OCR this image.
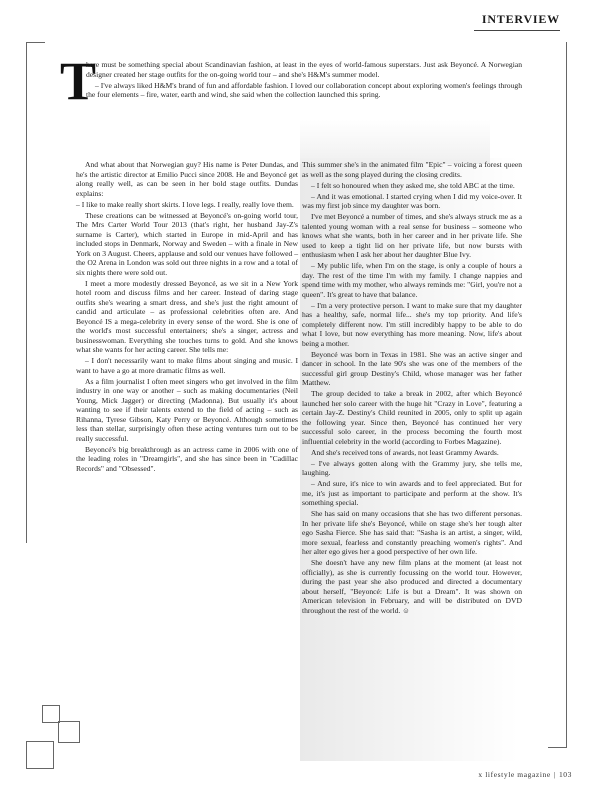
INTERVIEW
T

here must be something special about Scandinavian fashion, at least in the eyes of world-famous superstars. Just ask Beyoncé. A Norwegian designer created her stage outfits for the on-going world tour – and she's H&M's summer model.

– I've always liked H&M's brand of fun and affordable fashion. I loved our collaboration concept about exploring women's feelings through the four elements – fire, water, earth and wind, she said when the collection launched this spring.

And what about that Norwegian guy? His name is Peter Dundas, and he's the artistic director at Emilio Pucci since 2008. He and Beyoncé get along really well, as can be seen in her bold stage outfits. Dundas explains:

– I like to make really short skirts. I love legs. I really, really love them.

These creations can be witnessed at Beyoncé's on-going world tour, The Mrs Carter World Tour 2013 (that's right, her husband Jay-Z's surname is Carter), which started in Europe in mid-April and has included stops in Denmark, Norway and Sweden – with a finale in New York on 3 August. Cheers, applause and sold our venues have followed – the O2 Arena in London was sold out three nights in a row and a total of six nights there were sold out.

I meet a more modestly dressed Beyoncé, as we sit in a New York hotel room and discuss films and her career. Instead of daring stage outfits she's wearing a smart dress, and she's just the right amount of candid and articulate – as professional celebrities often are. And Beyoncé IS a mega-celebrity in every sense of the word. She is one of the world's most successful entertainers; she's a singer, actress and businesswoman. Everything she touches turns to gold. And she knows what she wants for her acting career. She tells me:

– I don't necessarily want to make films about singing and music. I want to have a go at more dramatic films as well.

As a film journalist I often meet singers who get involved in the film industry in one way or another – such as making documentaries (Neil Young, Mick Jagger) or directing (Madonna). But usually it's about wanting to see if their talents extend to the field of acting – such as Rihanna, Tyrese Gibson, Katy Perry or Beyoncé. Although sometimes less than stellar, surprisingly often these acting ventures turn out to be really successful.

Beyoncé's big breakthrough as an actress came in 2006 with one of the leading roles in "Dreamgirls", and she has since been in "Cadillac Records" and "Obsessed".

This summer she's in the animated film "Epic" – voicing a forest queen as well as the song played during the closing credits.

– I felt so honoured when they asked me, she told ABC at the time.

– And it was emotional. I started crying when I did my voice-over. It was my first job since my daughter was born.

I've met Beyoncé a number of times, and she's always struck me as a talented young woman with a real sense for business – someone who knows what she wants, both in her career and in her private life. She used to keep a tight lid on her private life, but now bursts with enthusiasm when I ask her about her daughter Blue Ivy.

– My public life, when I'm on the stage, is only a couple of hours a day. The rest of the time I'm with my family. I change nappies and spend time with my mother, who always reminds me: "Girl, you're not a queen". It's great to have that balance.

– I'm a very protective person. I want to make sure that my daughter has a healthy, safe, normal life... she's my top priority. And life's completely different now. I'm still incredibly happy to be able to do what I love, but now everything has more meaning. Now, life's about being a mother.

Beyoncé was born in Texas in 1981. She was an active singer and dancer in school. In the late 90's she was one of the members of the successful girl group Destiny's Child, whose manager was her father Matthew.

The group decided to take a break in 2002, after which Beyoncé launched her solo career with the huge hit "Crazy in Love", featuring a certain Jay-Z. Destiny's Child reunited in 2005, only to split up again the following year. Since then, Beyoncé has continued her very successful solo career, in the process becoming the fourth most influential celebrity in the world (according to Forbes Magazine).

And she's received tons of awards, not least Grammy Awards.

– I've always gotten along with the Grammy jury, she tells me, laughing.

– And sure, it's nice to win awards and to feel appreciated. But for me, it's just as important to participate and perform at the show. It's something special.

She has said on many occasions that she has two different personas. In her private life she's Beyoncé, while on stage she's her tough alter ego Sasha Fierce. She has said that: "Sasha is an artist, a singer, wild, more sexual, fearless and constantly preaching women's rights". And her alter ego gives her a good perspective of her own life.

She doesn't have any new film plans at the moment (at least not officially), as she is currently focussing on the world tour. However, during the past year she also produced and directed a documentary about herself, "Beyoncé: Life is but a Dream". It was shown on American television in February, and will be distributed on DVD throughout the rest of the world. ☺

x lifestyle magazine | 103
